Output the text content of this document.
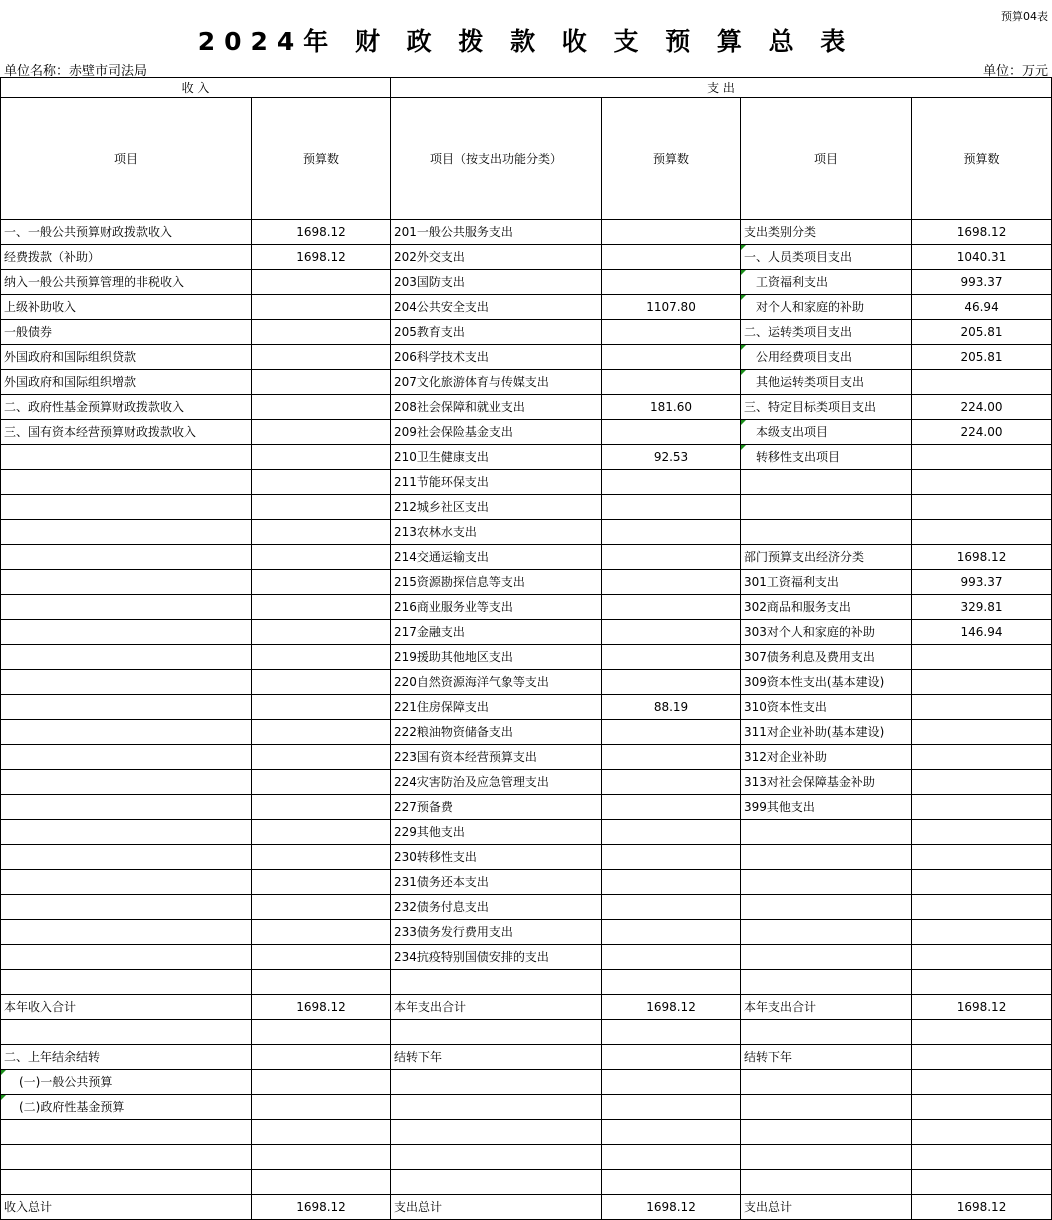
预算04表
2024年 财 政 拨 款 收 支 预 算 总 表
单位名称：赤壁市司法局	单位：万元
收 入		支 出			
项目	预算数	项目（按支出功能分类）	预算数	项目	预算数
一、一般公共预算财政拨款收入	1698.12	201一般公共服务支出		支出类别分类	1698.12
经费拨款（补助）	1698.12	202外交支出		一、人员类项目支出	1040.31
纳入一般公共预算管理的非税收入		203国防支出		工资福利支出	993.37
上级补助收入		204公共安全支出	1107.80	对个人和家庭的补助	46.94
一般债券		205教育支出		二、运转类项目支出	205.81
外国政府和国际组织贷款		206科学技术支出		公用经费项目支出	205.81
外国政府和国际组织增款		207文化旅游体育与传媒支出		其他运转类项目支出	
二、政府性基金预算财政拨款收入		208社会保障和就业支出	181.60	三、特定目标类项目支出	224.00
三、国有资本经营预算财政拨款收入		209社会保险基金支出		本级支出项目	224.00
		210卫生健康支出	92.53	转移性支出项目	
		211节能环保支出			
		212城乡社区支出			
		213农林水支出			
		214交通运输支出		部门预算支出经济分类	1698.12
		215资源勘探信息等支出		301工资福利支出	993.37
		216商业服务业等支出		302商品和服务支出	329.81
		217金融支出		303对个人和家庭的补助	146.94
		219援助其他地区支出		307债务利息及费用支出	
		220自然资源海洋气象等支出		309资本性支出(基本建设)	
		221住房保障支出	88.19	310资本性支出	
		222粮油物资储备支出		311对企业补助(基本建设)	
		223国有资本经营预算支出		312对企业补助	
		224灾害防治及应急管理支出		313对社会保障基金补助	
		227预备费		399其他支出	
		229其他支出			
		230转移性支出			
		231债务还本支出			
		232债务付息支出			
		233债务发行费用支出			
		234抗疫特别国债安排的支出			

本年收入合计	1698.12	本年支出合计	1698.12	本年支出合计	1698.12

二、上年结余结转		结转下年		结转下年	
(一)一般公共预算					
(二)政府性基金预算					

收入总计	1698.12	支出总计	1698.12	支出总计	1698.12
